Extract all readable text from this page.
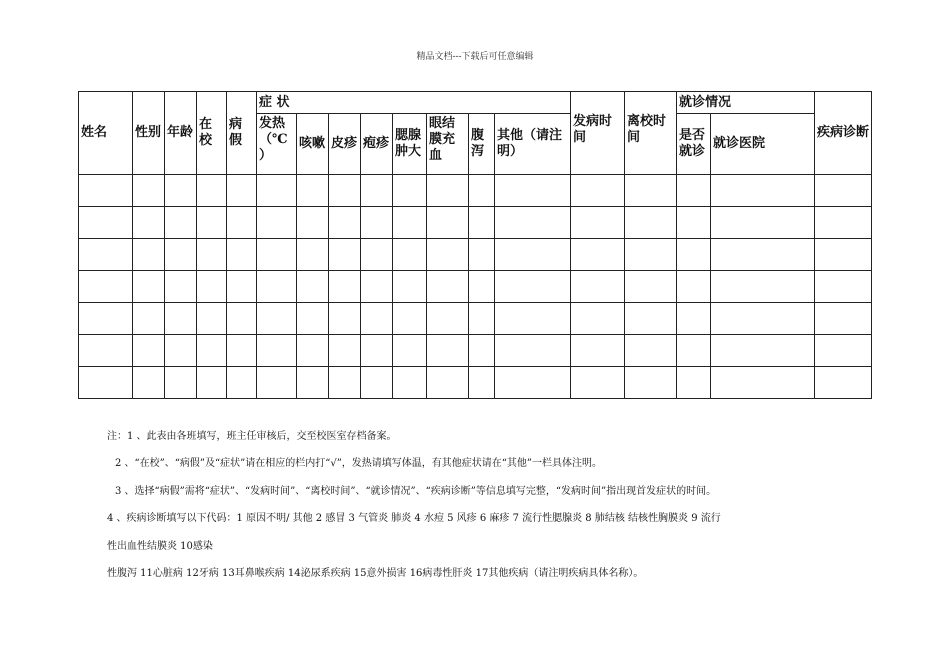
精品文档---下载后可任意编辑
姓名	性别	年龄	在校	病假	症 状								发病时间	离校时间	就诊情况		疾病诊断
					发热（℃ ）	咳嗽	皮疹	疱疹	腮腺肿大	眼结膜充血	腹泻	其他（请注明）			是否就诊	就诊医院	

注：1 、此表由各班填写，班主任审核后，交至校医室存档备案。
2 、“在校”、“病假”及“症状”请在相应的栏内打“√”，发热请填写体温，有其他症状请在“其他”一栏具体注明。
3 、选择“病假”需将“症状”、“发病时间”、“离校时间”、“就诊情况”、“疾病诊断”等信息填写完整，“发病时间”指出现首发症状的时间。
4 、疾病诊断填写以下代码：1 原因不明/ 其他 2 感冒 3 气管炎 肺炎 4 水痘 5 风疹 6 麻疹 7 流行性腮腺炎 8 肺结核 结核性胸膜炎 9 流行
性出血性结膜炎 10感染
性腹泻 11心脏病 12牙病 13耳鼻喉疾病 14泌尿系疾病 15意外损害 16病毒性肝炎 17其他疾病（请注明疾病具体名称）。
